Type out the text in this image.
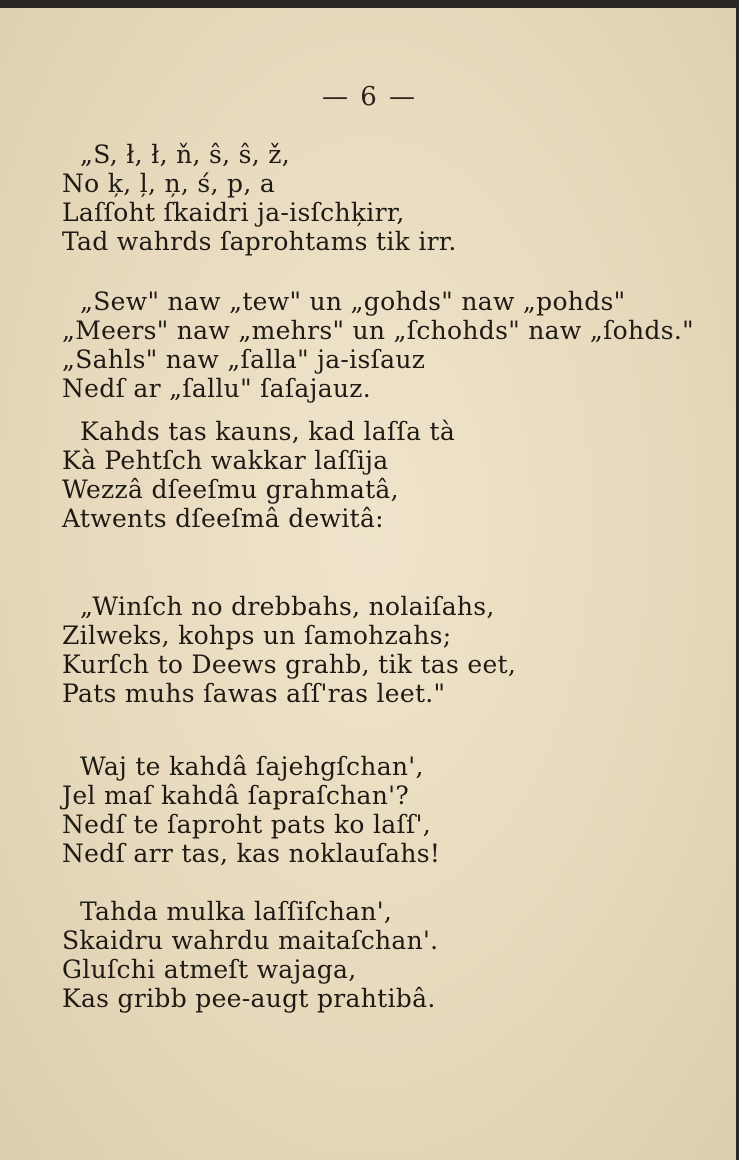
— 6 —
„S, ł, ł, ň, ŝ, ŝ, ž,
No ķ, ļ, ņ, ś, p, a
Laſſoht ſkaidri ja-isſchķirr,
Tad wahrds ſaprohtams tik irr.
„Sew" naw „tew" un „gohds" naw „pohds"
„Meers" naw „mehrs" un „ſchohds" naw „ſohds."
„Sahls" naw „ſalla" ja-isſauz
Nedſ ar „ſallu" ſaſajauz.
Kahds tas kauns, kad laſſa tà
Kà Pehtſch wakkar laſſija
Wezzâ dſeeſmu grahmatâ,
Atwents dſeeſmâ dewitâ:
„Winſch no drebbahs, nolaiſahs,
Zilweks, kohps un ſamohzahs;
Kurſch to Deews grahb, tik tas eet,
Pats muhs ſawas aſſ'ras leet."
Waj te kahdâ ſajehgſchan',
Jel maſ kahdâ ſapraſchan'?
Nedſ te ſaproht pats ko laſſ',
Nedſ arr tas, kas noklauſahs!
Tahda mulka laſſiſchan',
Skaidru wahrdu maitaſchan'.
Gluſchi atmeſt wajaga,
Kas gribb pee-augt prahtibâ.
